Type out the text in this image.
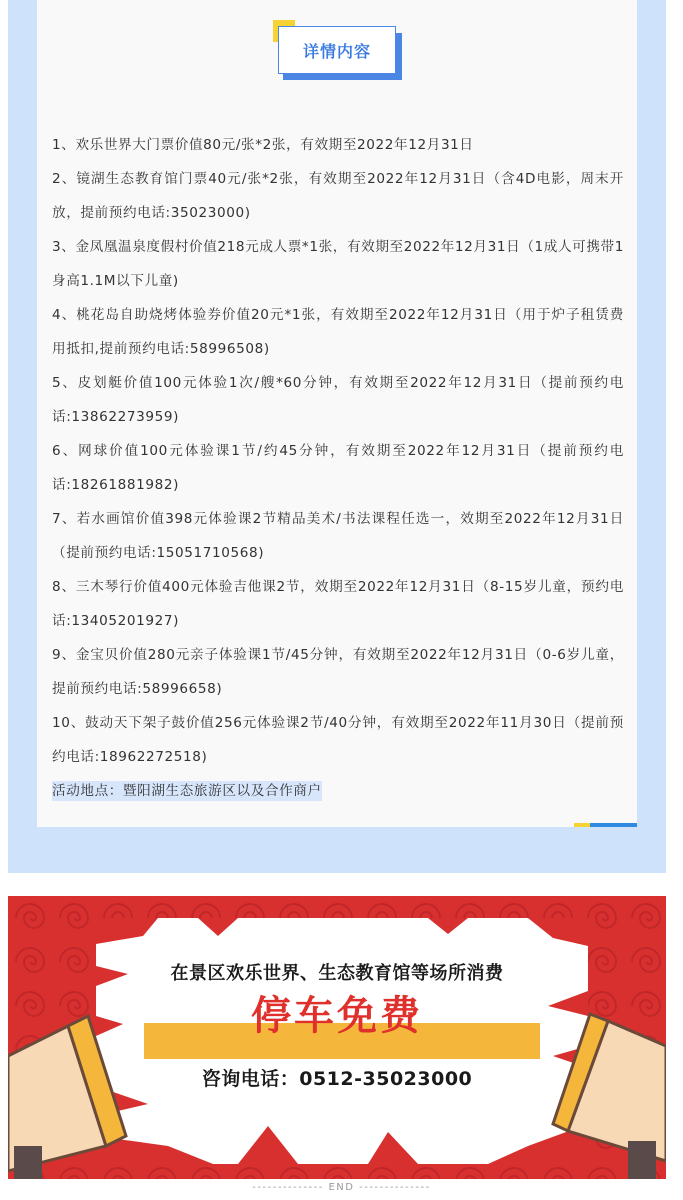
详情内容
1、欢乐世界大门票价值80元/张*2张，有效期至2022年12月31日
2、镜湖生态教育馆门票40元/张*2张，有效期至2022年12月31日（含4D电影，周末开放，提前预约电话:35023000)
3、金凤凰温泉度假村价值218元成人票*1张，有效期至2022年12月31日（1成人可携带1身高1.1M以下儿童)
4、桃花岛自助烧烤体验券价值20元*1张，有效期至2022年12月31日（用于炉子租赁费用抵扣,提前预约电话:58996508)
5、皮划艇价值100元体验1次/艘*60分钟，有效期至2022年12月31日（提前预约电话:13862273959)
6、网球价值100元体验课1节/约45分钟，有效期至2022年12月31日（提前预约电话:18261881982)
7、若水画馆价值398元体验课2节精品美术/书法课程任选一，效期至2022年12月31日（提前预约电话:15051710568)
8、三木琴行价值400元体验吉他课2节，效期至2022年12月31日（8-15岁儿童，预约电话:13405201927)
9、金宝贝价值280元亲子体验课1节/45分钟，有效期至2022年12月31日（0-6岁儿童，提前预约电话:58996658)
10、鼓动天下架子鼓价值256元体验课2节/40分钟，有效期至2022年11月30日（提前预约电话:18962272518)
活动地点：暨阳湖生态旅游区以及合作商户
在景区欢乐世界、生态教育馆等场所消费
停车免费
咨询电话：0512-35023000
-------------- END --------------
